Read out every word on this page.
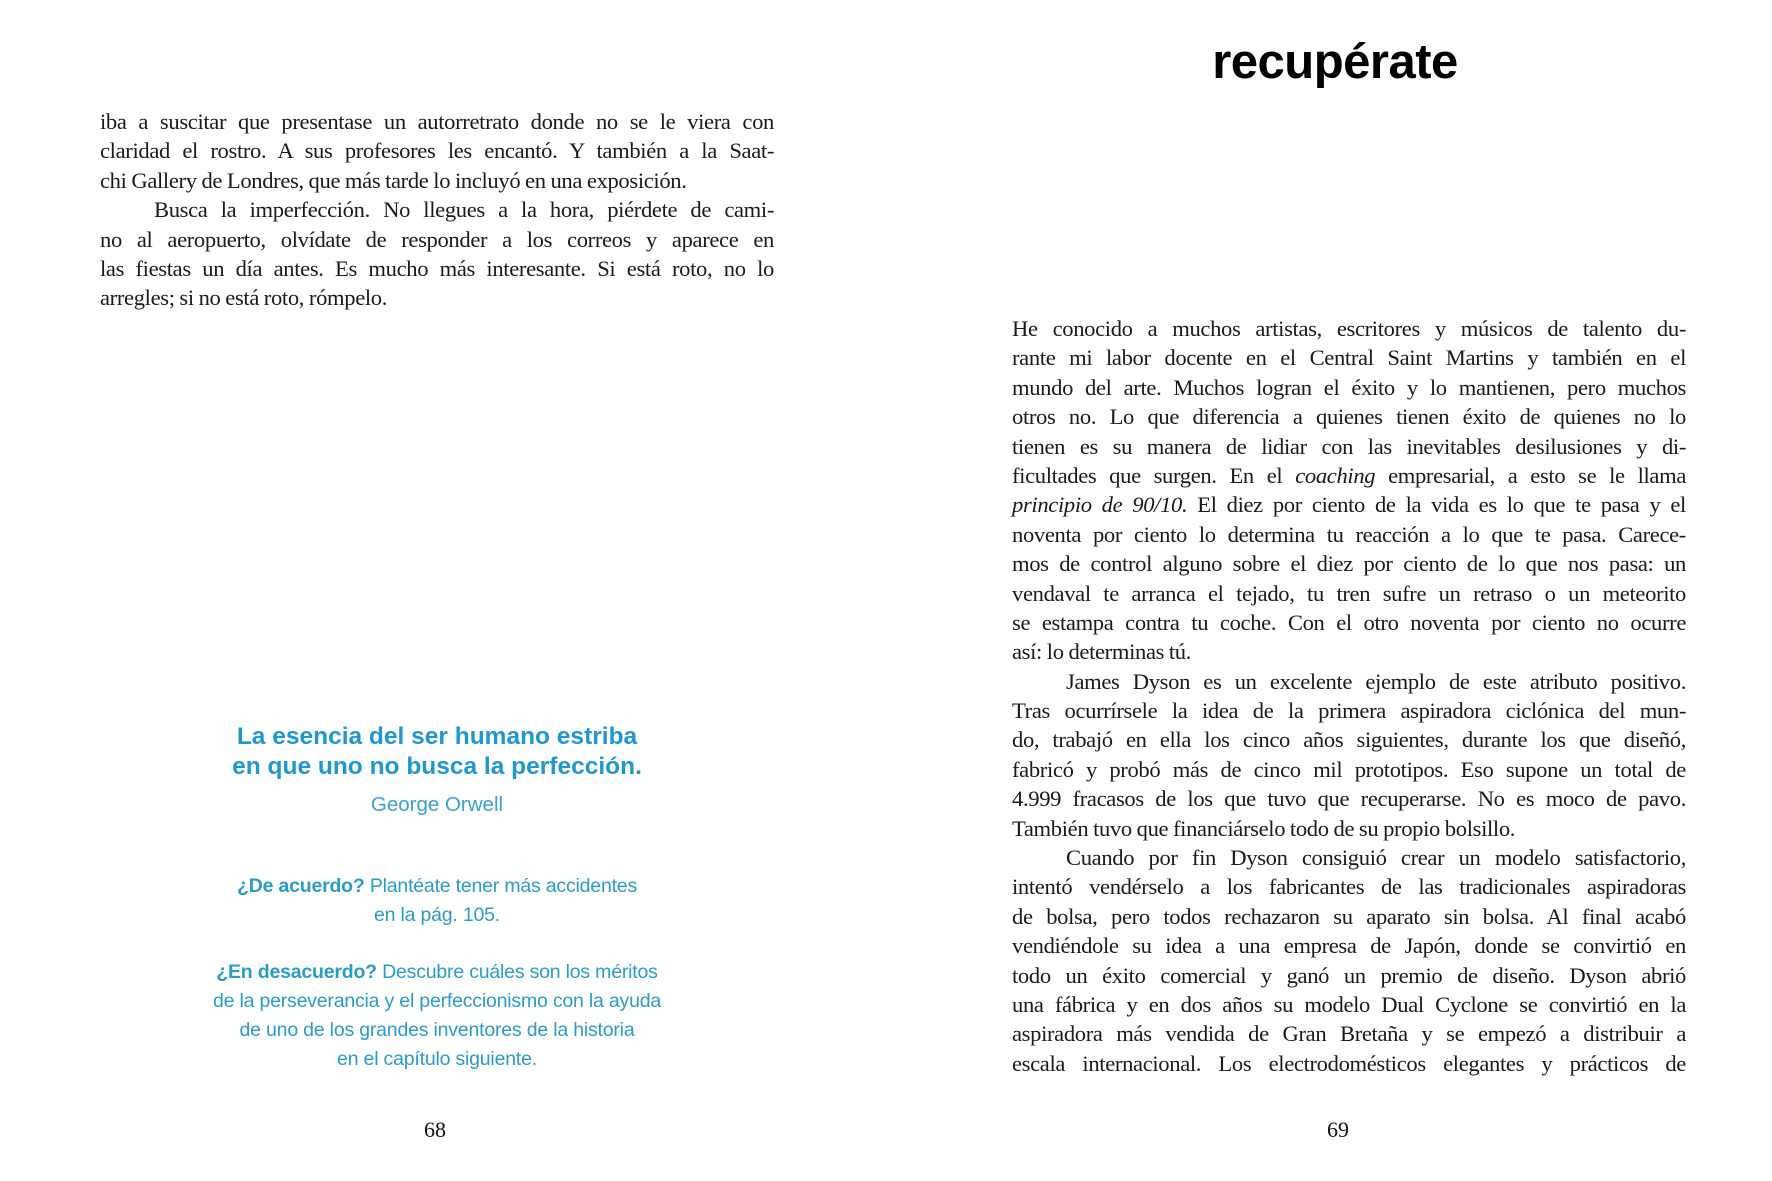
iba a suscitar que presentase un autorretrato donde no se le viera con
claridad el rostro. A sus profesores les encantó. Y también a la Saat-
chi Gallery de Londres, que más tarde lo incluyó en una exposición.
Busca la imperfección. No llegues a la hora, piérdete de cami-
no al aeropuerto, olvídate de responder a los correos y aparece en
las fiestas un día antes. Es mucho más interesante. Si está roto, no lo
arregles; si no está roto, rómpelo.

La esencia del ser humano estriba
en que uno no busca la perfección.

George Orwell
¿De acuerdo? Plantéate tener más accidentes
en la pág. 105.
¿En desacuerdo? Descubre cuáles son los méritos
de la perseverancia y el perfeccionismo con la ayuda
de uno de los grandes inventores de la historia
en el capítulo siguiente.
68
recupérate
He conocido a muchos artistas, escritores y músicos de talento du-
rante mi labor docente en el Central Saint Martins y también en el
mundo del arte. Muchos logran el éxito y lo mantienen, pero muchos
otros no. Lo que diferencia a quienes tienen éxito de quienes no lo
tienen es su manera de lidiar con las inevitables desilusiones y di-
ficultades que surgen. En el coaching empresarial, a esto se le llama
principio de 90/10. El diez por ciento de la vida es lo que te pasa y el
noventa por ciento lo determina tu reacción a lo que te pasa. Carece-
mos de control alguno sobre el diez por ciento de lo que nos pasa: un
vendaval te arranca el tejado, tu tren sufre un retraso o un meteorito
se estampa contra tu coche. Con el otro noventa por ciento no ocurre
así: lo determinas tú.
James Dyson es un excelente ejemplo de este atributo positivo.
Tras ocurrírsele la idea de la primera aspiradora ciclónica del mun-
do, trabajó en ella los cinco años siguientes, durante los que diseñó,
fabricó y probó más de cinco mil prototipos. Eso supone un total de
4.999 fracasos de los que tuvo que recuperarse. No es moco de pavo.
También tuvo que financiárselo todo de su propio bolsillo.
Cuando por fin Dyson consiguió crear un modelo satisfactorio,
intentó vendérselo a los fabricantes de las tradicionales aspiradoras
de bolsa, pero todos rechazaron su aparato sin bolsa. Al final acabó
vendiéndole su idea a una empresa de Japón, donde se convirtió en
todo un éxito comercial y ganó un premio de diseño. Dyson abrió
una fábrica y en dos años su modelo Dual Cyclone se convirtió en la
aspiradora más vendida de Gran Bretaña y se empezó a distribuir a
escala internacional. Los electrodomésticos elegantes y prácticos de
69
